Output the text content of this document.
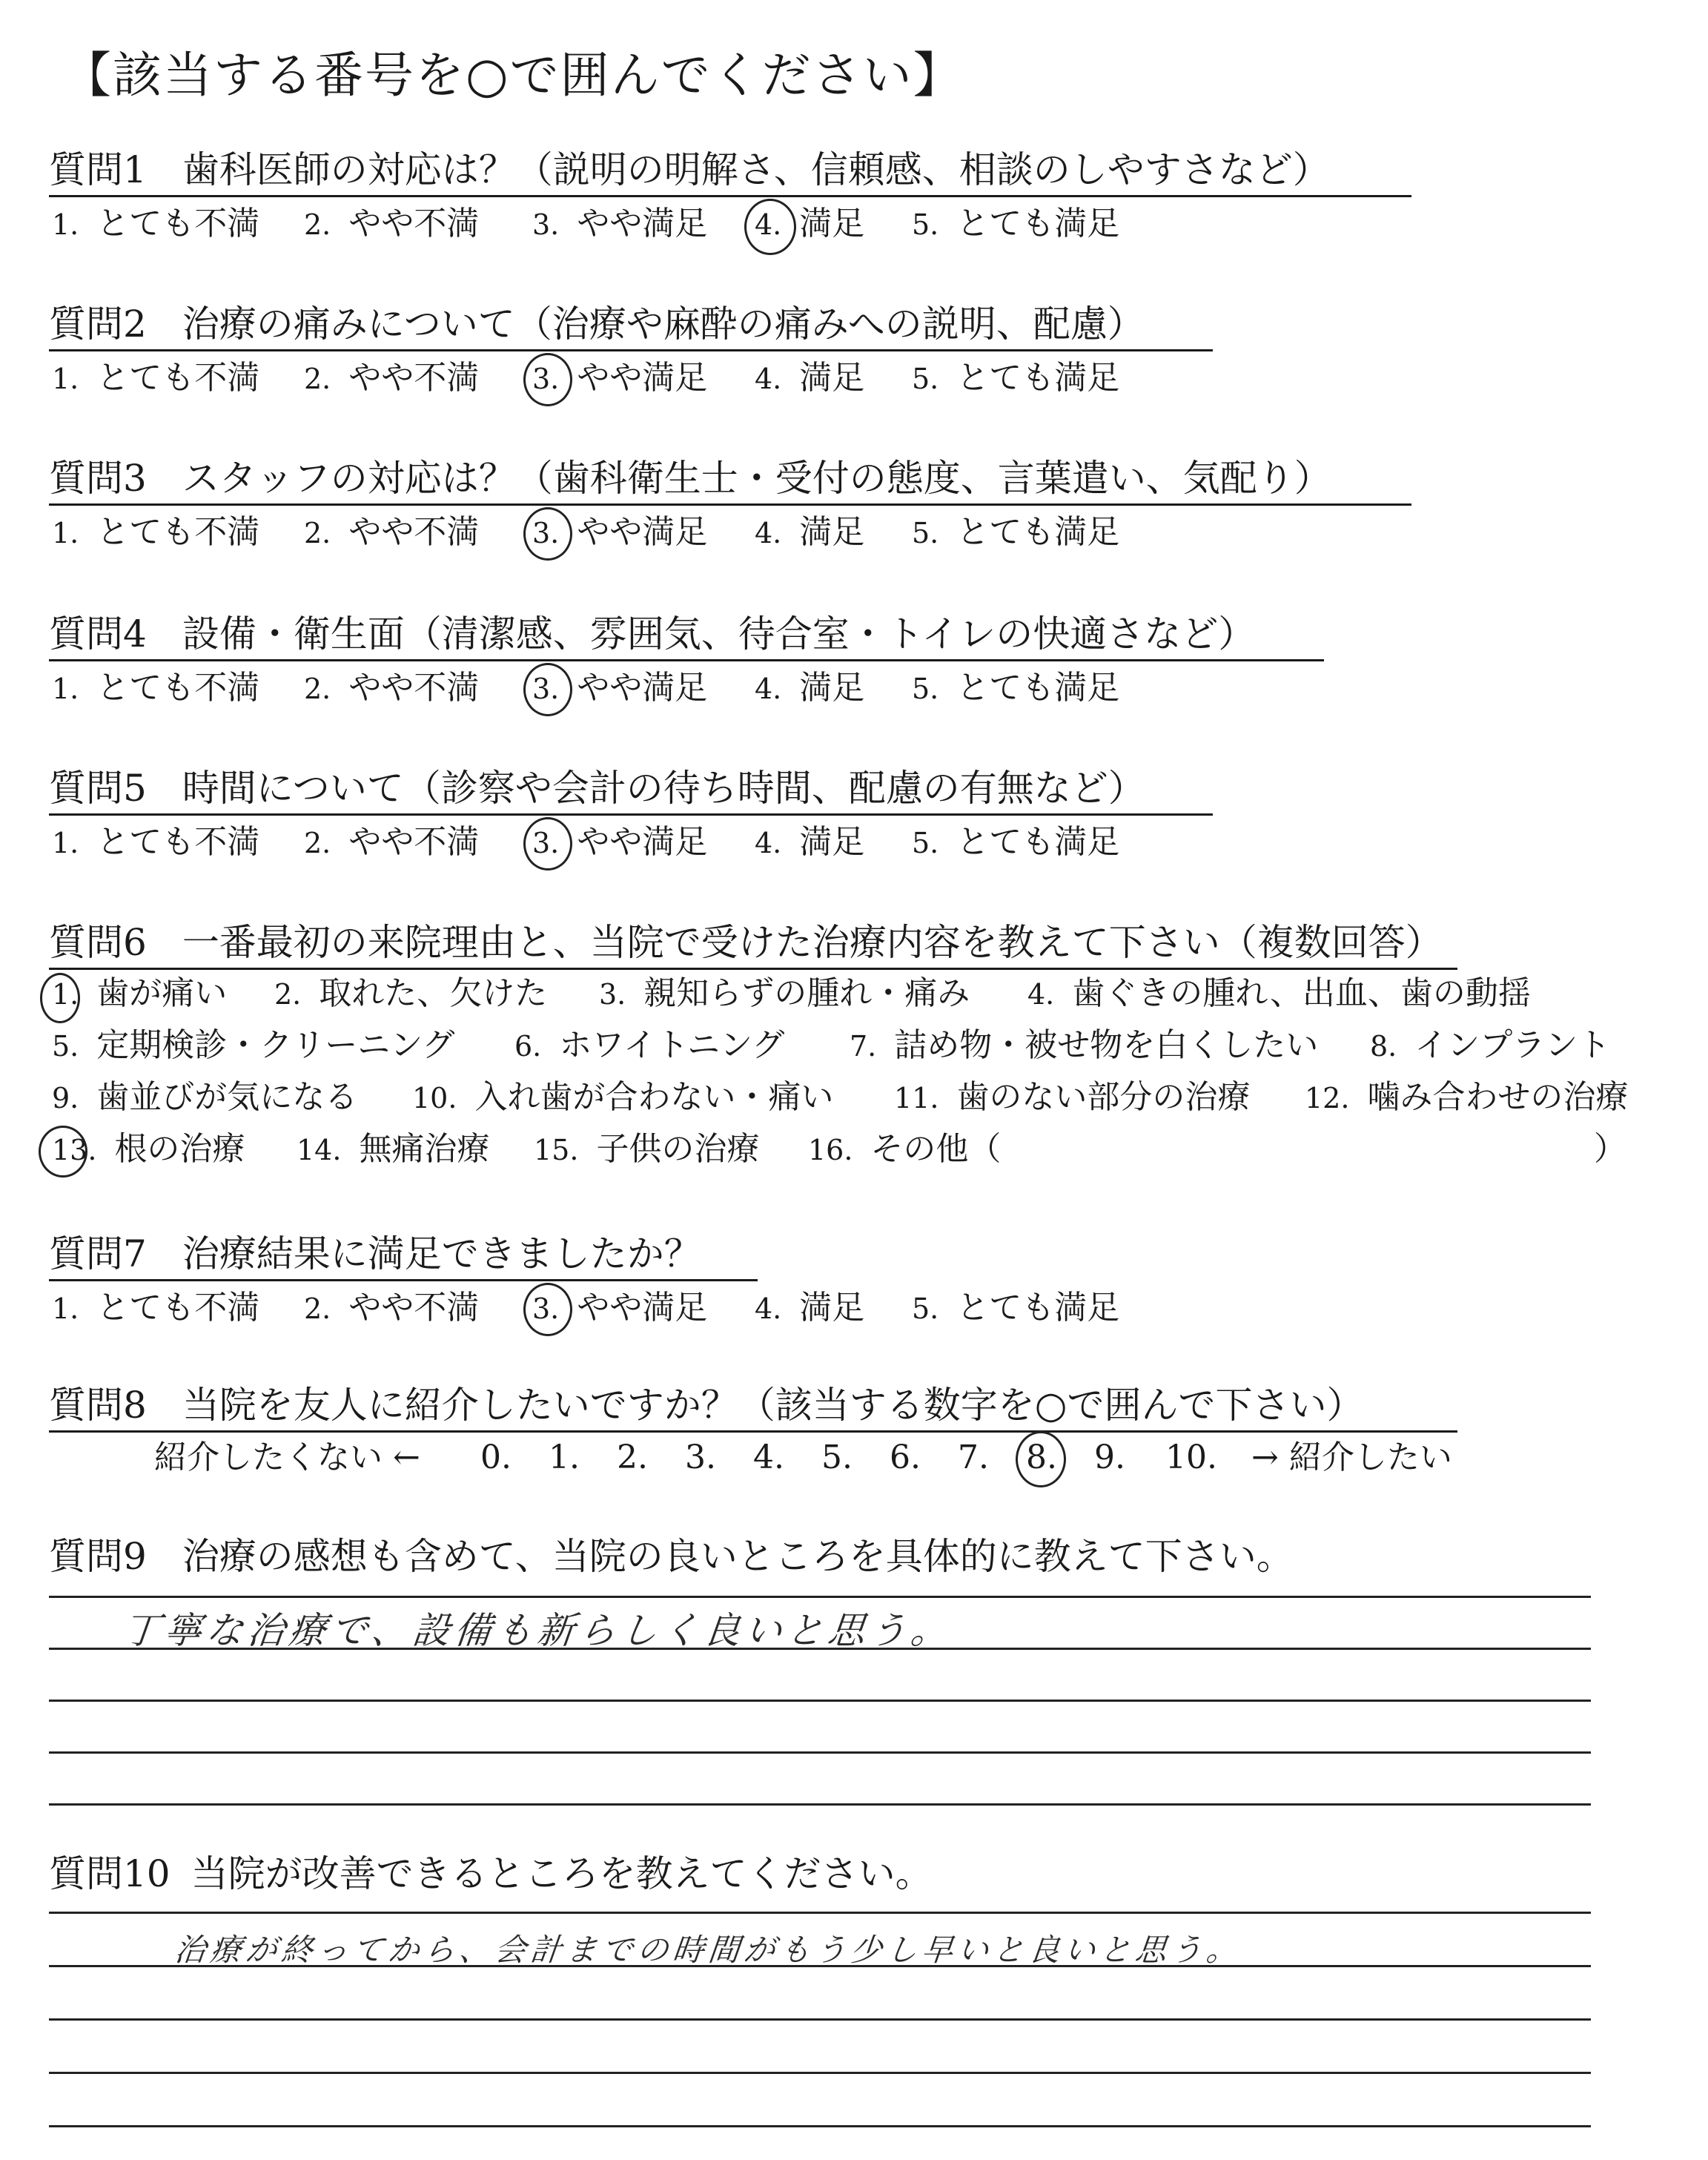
【該当する番号を○で囲んでください】
質問1 歯科医師の対応は？（説明の明解さ、信頼感、相談のしやすさなど）
1. とても不満 2. やや不満 3. やや満足 4. 満足 5. とても満足
質問2 治療の痛みについて（治療や麻酔の痛みへの説明、配慮）
1. とても不満 2. やや不満 3. やや満足 4. 満足 5. とても満足
質問3 スタッフの対応は？（歯科衛生士・受付の態度、言葉遣い、気配り）
1. とても不満 2. やや不満 3. やや満足 4. 満足 5. とても満足
質問4 設備・衛生面（清潔感、雰囲気、待合室・トイレの快適さなど）
1. とても不満 2. やや不満 3. やや満足 4. 満足 5. とても満足
質問5 時間について（診察や会計の待ち時間、配慮の有無など）
1. とても不満 2. やや不満 3. やや満足 4. 満足 5. とても満足
質問6 一番最初の来院理由と、当院で受けた治療内容を教えて下さい（複数回答）
1. 歯が痛い 2. 取れた、欠けた 3. 親知らずの腫れ・痛み 4. 歯ぐきの腫れ、出血、歯の動揺
5. 定期検診・クリーニング 6. ホワイトニング 7. 詰め物・被せ物を白くしたい 8. インプラント
9. 歯並びが気になる 10. 入れ歯が合わない・痛い 11. 歯のない部分の治療 12. 噛み合わせの治療
13. 根の治療 14. 無痛治療 15. 子供の治療 16. その他（	）
質問7 治療結果に満足できましたか？
1. とても不満 2. やや不満 3. やや満足 4. 満足 5. とても満足
質問8 当院を友人に紹介したいですか？（該当する数字を○で囲んで下さい）
紹介したくない ← 0. 1. 2. 3. 4. 5. 6. 7. 8. 9. 10. → 紹介したい
質問9 治療の感想も含めて、当院の良いところを具体的に教えて下さい。
丁寧な治療で、設備も新らしく良いと思う。
質問10 当院が改善できるところを教えてください。
治療が終ってから、会計までの時間がもう少し早いと良いと思う。
